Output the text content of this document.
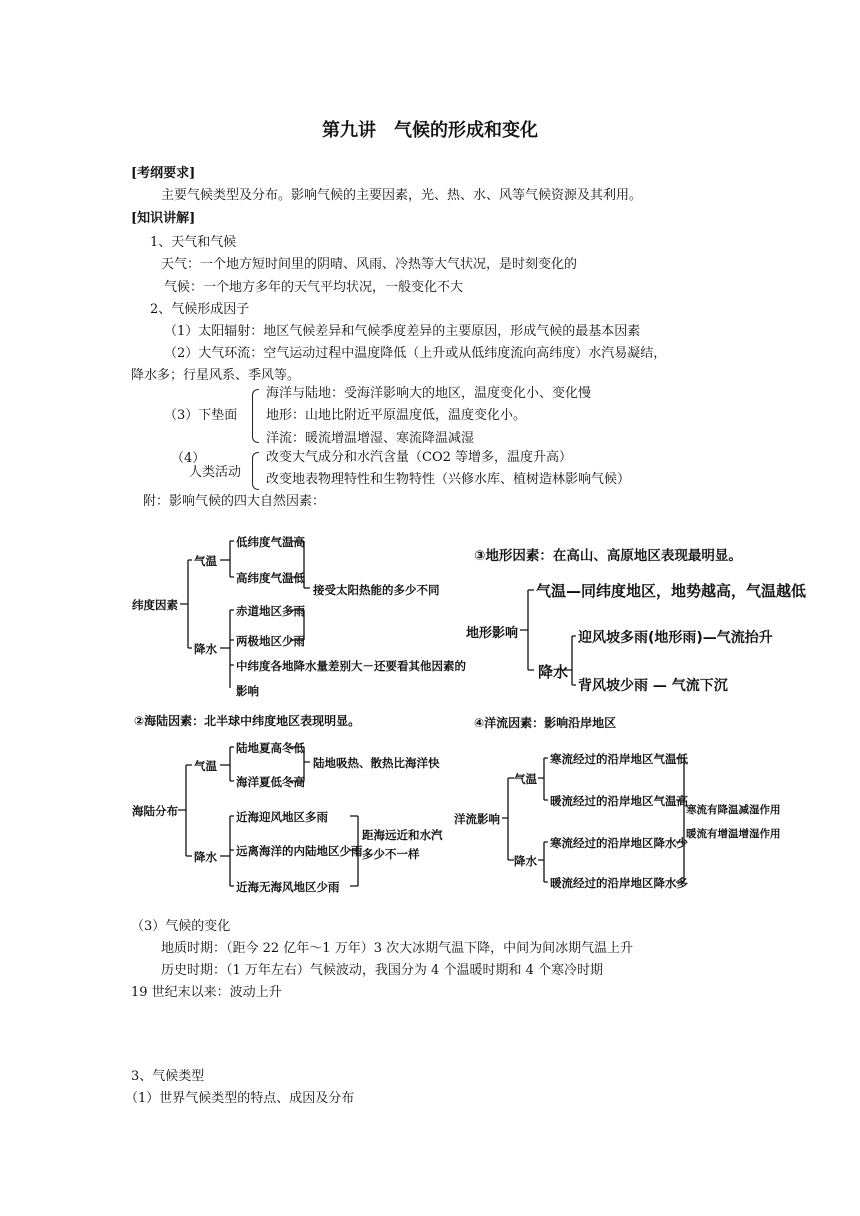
第九讲　气候的形成和变化
[考纲要求]
主要气候类型及分布。影响气候的主要因素，光、热、水、风等气候资源及其利用。
[知识讲解]
1、天气和气候
天气：一个地方短时间里的阴晴、风雨、冷热等大气状况，是时刻变化的
气候：一个地方多年的天气平均状况，一般变化不大
2、气候形成因子
（1）太阳辐射：地区气候差异和气候季度差异的主要原因，形成气候的最基本因素
（2）大气环流：空气运动过程中温度降低（上升或从低纬度流向高纬度）水汽易凝结，
降水多；行星风系、季风等。
（3）下垫面
海洋与陆地：受海洋影响大的地区，温度变化小、变化慢
地形：山地比附近平原温度低，温度变化小。
洋流：暖流增温增湿、寒流降温减湿
（4）
人类活动
改变大气成分和水汽含量（CO2 等增多，温度升高）
改变地表物理特性和生物特性（兴修水库、植树造林影响气候）
附：影响气候的四大自然因素：
纬度因素
气温
降水
低纬度气温高
高纬度气温低
接受太阳热能的多少不同
赤道地区多雨
两极地区少雨
中纬度各地降水量差别大－还要看其他因素的
影响
③地形因素：在高山、高原地区表现最明显。
地形影响
气温—同纬度地区，地势越高，气温越低
降水
迎风坡多雨(地形雨)—气流抬升
背风坡少雨 — 气流下沉
②海陆因素：北半球中纬度地区表现明显。
海陆分布
气温
降水
陆地夏高冬低
海洋夏低冬高
陆地吸热、散热比海洋快
近海迎风地区多雨
远离海洋的内陆地区少雨
近海无海风地区少雨
距海远近和水汽
多少不一样
④洋流因素：影响沿岸地区
洋流影响
气温
降水
寒流经过的沿岸地区气温低
暖流经过的沿岸地区气温高
寒流经过的沿岸地区降水少
暖流经过的沿岸地区降水多
寒流有降温减湿作用
暖流有增温增湿作用
（3）气候的变化
地质时期：（距今 22 亿年～1 万年）3 次大冰期气温下降，中间为间冰期气温上升
历史时期：（1 万年左右）气候波动，我国分为 4 个温暖时期和 4 个寒冷时期
19 世纪末以来：波动上升
3、气候类型
（1）世界气候类型的特点、成因及分布
